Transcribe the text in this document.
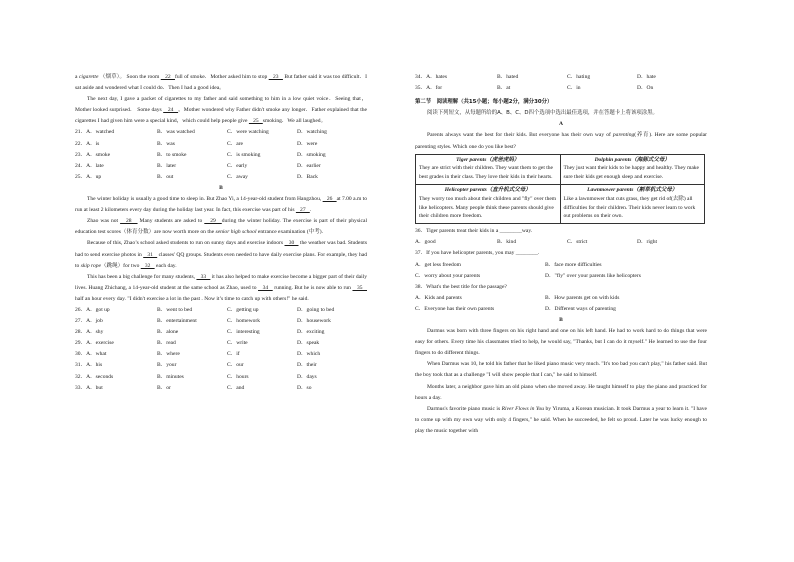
a cigarette （烟草）。 Soon the room    22   full of smoke．Mother asked him to stop    23    But father said it was too difficult．I sat aside and wondered what I could do．Then I had a good idea。

The next day, I gave a packet of cigarettes to my father and said something to him in a low quiet voice．Seeing that， Mother looked surprised． Some days    24   ，Mother wondered why Father didn't smoke any longer．Father explained that the cigarettes I had given him were a special kind，which could help people give    25   smoking．We all laughed。

21．A．watched	B．was watched	C．were watching	D．watching
22．A．is	B．was	C．are	D．were
23．A．smoke	B．to smoke	C．is smoking	D．smoking
24．A．late	B．later	C．early	D．earlier
25．A．up	B．out	C．away	D．Back

B

The winter holiday is usually a good time to sleep in. But Zhao Yi, a 14-year-old student from Hangzhou,    26   at 7.00 a.m to run at least 2 kilometers every day during the holiday last year. In fact, this exercise was part of his    27   .

Zhao was not    28    Many students are asked to    29   during the winter holiday. The exercise is part of their physical education test scores（体育分数）are now worth more on the senior high school entrance examination (中考).

Because of this, Zhao’s school asked students to run on sunny days and exercise indoors    30    the weather was bad. Students had to send exercise photos in    31    classes' QQ groups. Students even needed to have daily exercise plans. For example, they had to skip rope（跳绳）for two    32    each day.

This has been a big challenge for many students,    33    it has also helped to make exercise become a bigger part of their daily lives. Huang Zhichang, a 14-year-old student at the same school as Zhao, used to    34    running. But he is now able to run    35    half an hour every day. "I didn't exercise a lot in the past . Now it’s time to catch up with others!" he said.

26．A．got up	B．went to bed	C．getting up	D．going to bed
27．A．job	B．entertainment	C．homework	D．housework
28．A．shy	B．alone	C．interesting	D．exciting
29．A．exercise	B．read	C．write	D．speak
30．A．what	B．where	C．if	D．which
31．A．his	B．your	C．our	D．their
32．A．seconds	B．minutes	C．hours	D．days
33．A．but	B．or	C．and	D．so
34．A．hates	B．hated	C．hating	D．hate
35．A．for	B．at	C．in	D．On

第二节　阅读理解（共15小题；每小题2分，满分30分）

阅读下列短文，从每题所给的A、B、C、D四个选项中选出最佳选项，并在答题卡上将该项涂黑。

A

Parents always want the best for their kids. But everyone has their own way of parenting(养育). Here are some popular parenting styles. Which one do you like best?

Tiger parents（虎爸虎妈）
They are strict with their children. They want them to get the best grades in their class. They love their kids in their hearts.	Dolphin parents（海豚式父母）
They just want their kids to be happy and healthy. They make sure their kids get enough sleep and exercise.

Helicopter parents（直升机式父母）
They worry too much about their children and "fly" over them like helicopters. Many people think these parents should give their children more freedom.	Lawnmower parents（割草机式父母）
Like a lawnmower that cuts grass, they get rid of(去除) all difficulties for their children. Their kids never learn to work out problems on their own.

36．Tiger parents treat their kids in a ________way.

A．good	B．kind	C．strict	D．right

37．If you have helicopter parents, you may ________.

A．get less freedom	B．face more difficulties
C．worry about your parents	D．"fly" over your parents like helicopters

38．What's the best title for the passage?

A．Kids and parents	B．How parents get on with kids
C．Everyone has their own parents	D．Different ways of parenting

B

Darmus was born with three fingers on his right hand and one on his left hand. He had to work hard to do things that were easy for others. Every time his classmates tried to help, he would say, "Thanks, but I can do it myself." He learned to use the four fingers to do different things.

When Darmus was 10, he told his father that he liked piano music very much. "It's too bad you can't play," his father said. But the boy took that as a challenge "I will show people that I can," he said to himself.

Months later, a neighbor gave him an old piano when she moved away. He taught himself to play the piano and practiced for hours a day.

Darmus's favorite piano music is River Flows in You by Yiruma, a Korean musician. It took Darmus a year to learn it. "I have to come up with my own way with only 4 fingers," he said. When he succeeded, he felt so proud. Later he was lucky enough to play the music together with
